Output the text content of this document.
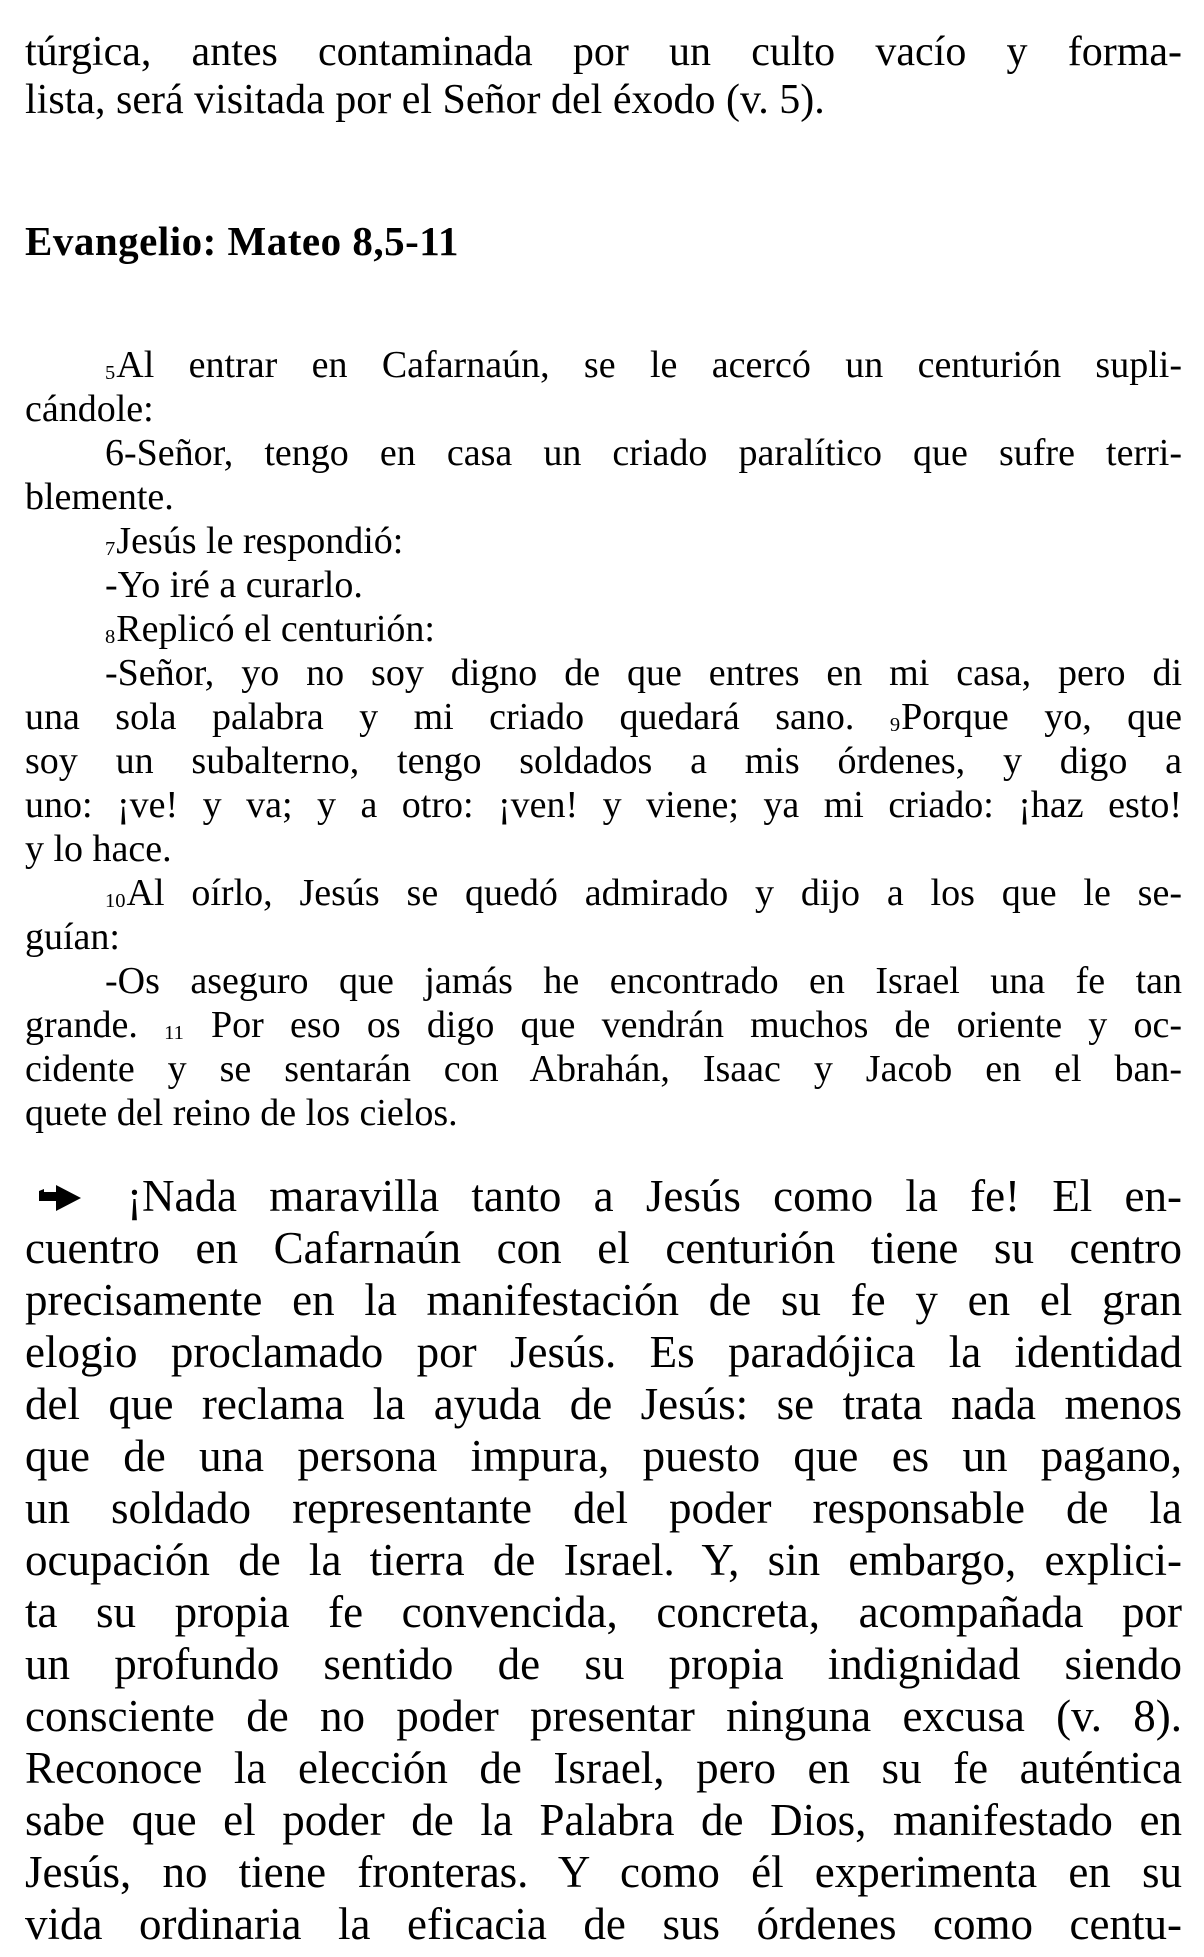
túrgica, antes contaminada por un culto vacío y forma-
lista, será visitada por el Señor del éxodo (v. 5).
Evangelio: Mateo 8,5-11
5Al entrar en Cafarnaún, se le acercó un centurión supli-
cándole:
6-Señor, tengo en casa un criado paralítico que sufre terri-
blemente.
7Jesús le respondió:
-Yo iré a curarlo.
8Replicó el centurión:
-Señor, yo no soy digno de que entres en mi casa, pero di
una sola palabra y mi criado quedará sano. 9Porque yo, que
soy un subalterno, tengo soldados a mis órdenes, y digo a
uno: ¡ve! y va; y a otro: ¡ven! y viene; ya mi criado: ¡haz esto!
y lo hace.
10Al oírlo, Jesús se quedó admirado y dijo a los que le se-
guían:
-Os aseguro que jamás he encontrado en Israel una fe tan
grande. 11 Por eso os digo que vendrán muchos de oriente y oc-
cidente y se sentarán con Abrahán, Isaac y Jacob en el ban-
quete del reino de los cielos.
¡Nada maravilla tanto a Jesús como la fe! El en-
cuentro en Cafarnaún con el centurión tiene su centro
precisamente en la manifestación de su fe y en el gran
elogio proclamado por Jesús. Es paradójica la identidad
del que reclama la ayuda de Jesús: se trata nada menos
que de una persona impura, puesto que es un pagano,
un soldado representante del poder responsable de la
ocupación de la tierra de Israel. Y, sin embargo, explici-
ta su propia fe convencida, concreta, acompañada por
un profundo sentido de su propia indignidad siendo
consciente de no poder presentar ninguna excusa (v. 8).
Reconoce la elección de Israel, pero en su fe auténtica
sabe que el poder de la Palabra de Dios, manifestado en
Jesús, no tiene fronteras. Y como él experimenta en su
vida ordinaria la eficacia de sus órdenes como centu-
